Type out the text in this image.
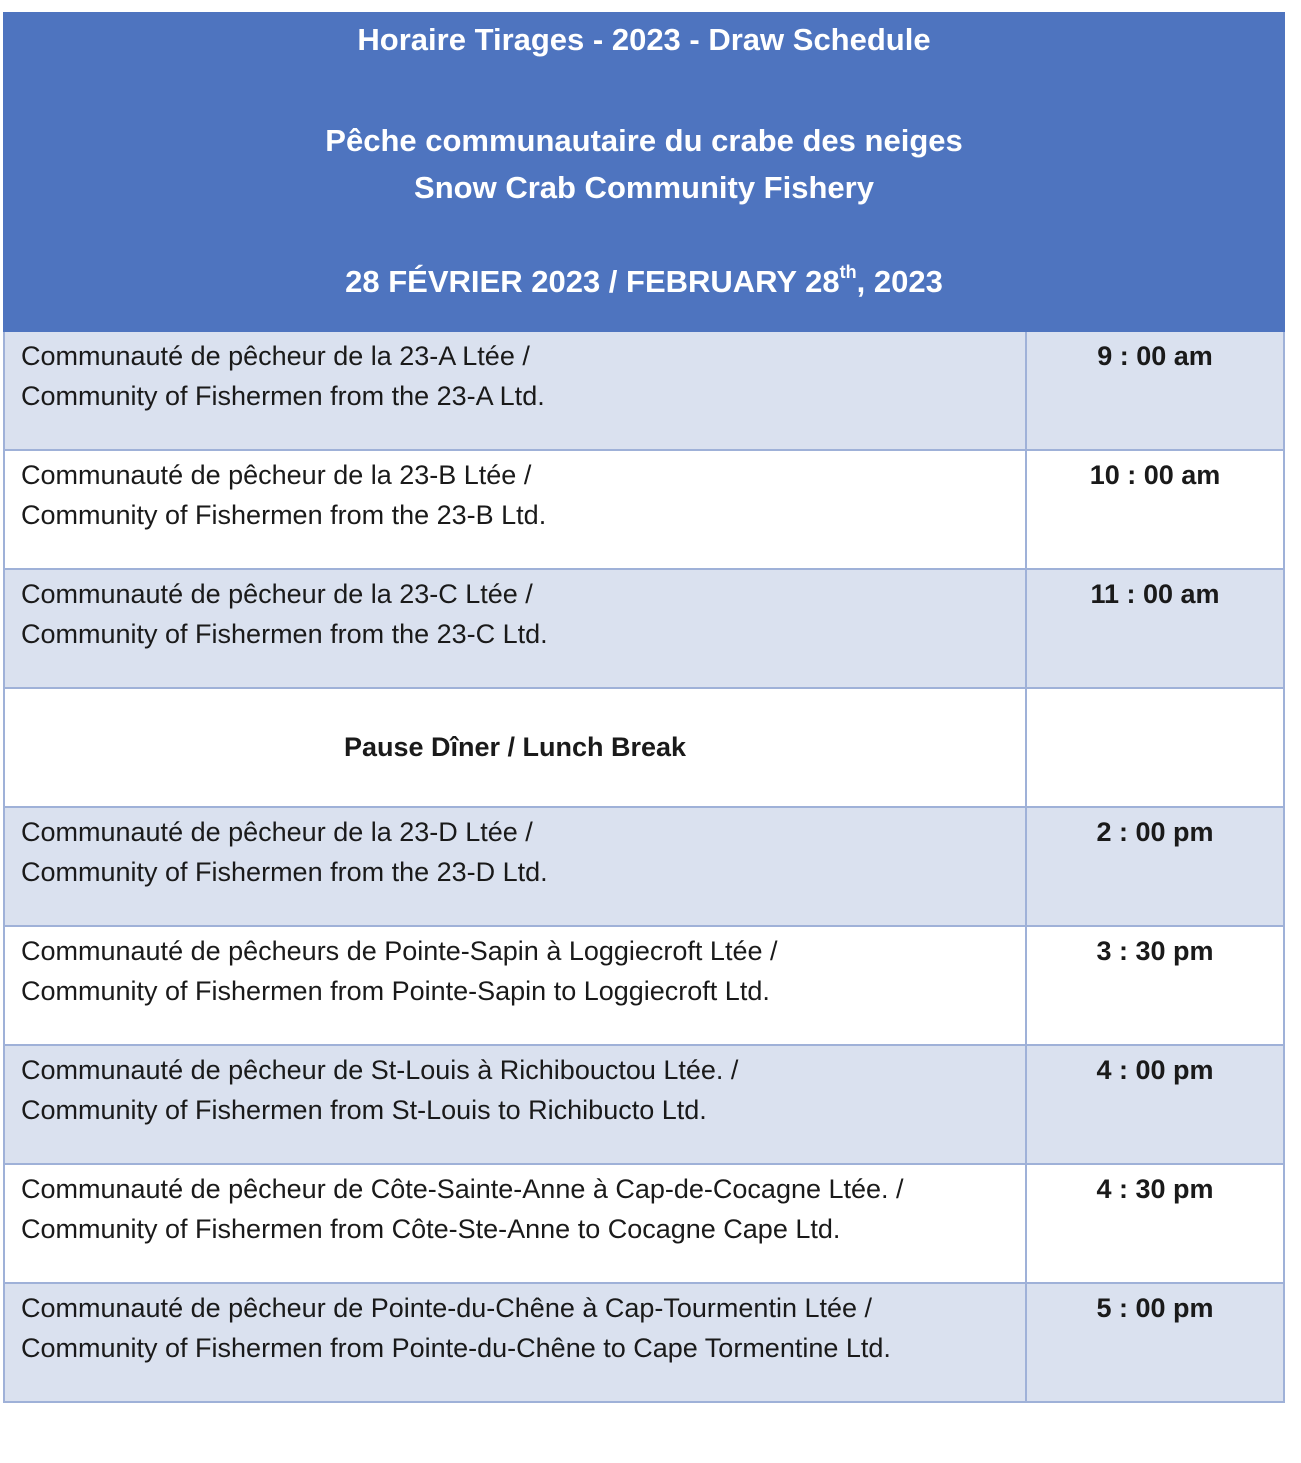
Horaire Tirages - 2023 - Draw Schedule
Pêche communautaire du crabe des neiges
Snow Crab Community Fishery
28 FÉVRIER 2023 / FEBRUARY 28th, 2023	

Communauté de pêcheur de la 23-A Ltée /
Community of Fishermen from the 23-A Ltd.	9 : 00 am

Communauté de pêcheur de la 23-B Ltée /
Community of Fishermen from the 23-B Ltd.	10 : 00 am

Communauté de pêcheur de la 23-C Ltée /
Community of Fishermen from the 23-C Ltd.	11 : 00 am

Pause Dîner / Lunch Break	

Communauté de pêcheur de la 23-D Ltée /
Community of Fishermen from the 23-D Ltd.	2 : 00 pm

Communauté de pêcheurs de Pointe-Sapin à Loggiecroft Ltée /
Community of Fishermen from Pointe-Sapin to Loggiecroft Ltd.	3 : 30 pm

Communauté de pêcheur de St-Louis à Richibouctou Ltée. /
Community of Fishermen from St-Louis to Richibucto Ltd.	4 : 00 pm

Communauté de pêcheur de Côte-Sainte-Anne à Cap-de-Cocagne Ltée. /
Community of Fishermen from Côte-Ste-Anne to Cocagne Cape Ltd.	4 : 30 pm

Communauté de pêcheur de Pointe-du-Chêne à Cap-Tourmentin Ltée /
Community of Fishermen from Pointe-du-Chêne to Cape Tormentine Ltd.	5 : 00 pm
